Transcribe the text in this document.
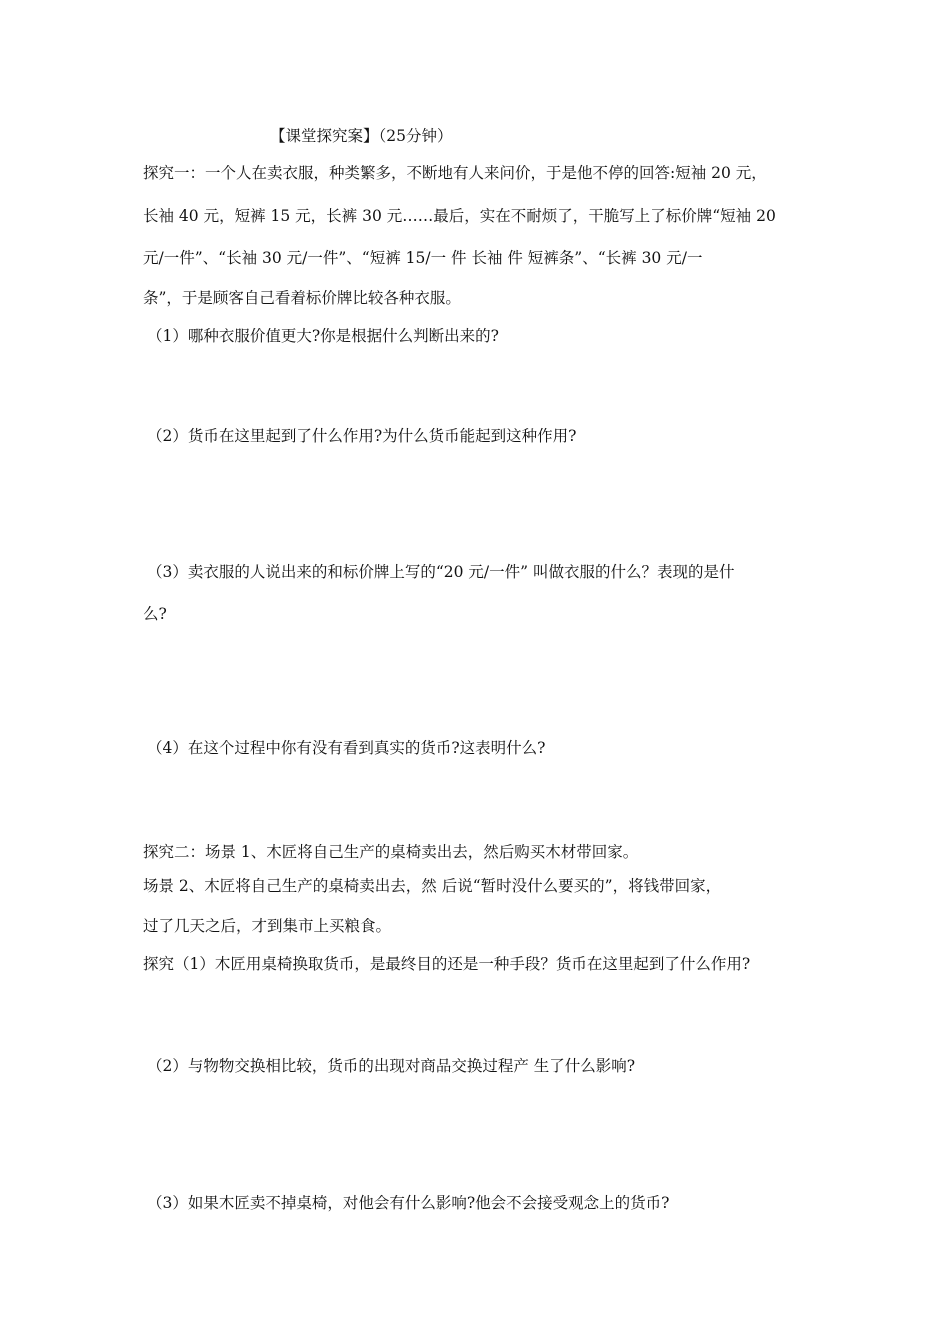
【课堂探究案】（25分钟）
探究一：一个人在卖衣服，种类繁多，不断地有人来问价，于是他不停的回答:短袖 20 元，
长袖 40 元，短裤 15 元，长裤 30 元……最后，实在不耐烦了，干脆写上了标价牌“短袖 20
元/一件”、“长袖 30 元/一件”、“短裤 15/一 件 长袖 件 短裤条”、“长裤 30 元/一
条”，于是顾客自己看着标价牌比较各种衣服。
（1）哪种衣服价值更大?你是根据什么判断出来的?
（2）货币在这里起到了什么作用?为什么货币能起到这种作用?
（3）卖衣服的人说出来的和标价牌上写的“20 元/一件” 叫做衣服的什么？表现的是什
么?
（4）在这个过程中你有没有看到真实的货币?这表明什么?
探究二：场景 1、木匠将自己生产的桌椅卖出去，然后购买木材带回家。
场景 2、木匠将自己生产的桌椅卖出去，然 后说“暂时没什么要买的”，将钱带回家，
过了几天之后，才到集市上买粮食。
探究（1）木匠用桌椅换取货币，是最终目的还是一种手段？货币在这里起到了什么作用?
（2）与物物交换相比较，货币的出现对商品交换过程产 生了什么影响?
（3）如果木匠卖不掉桌椅，对他会有什么影响?他会不会接受观念上的货币?
